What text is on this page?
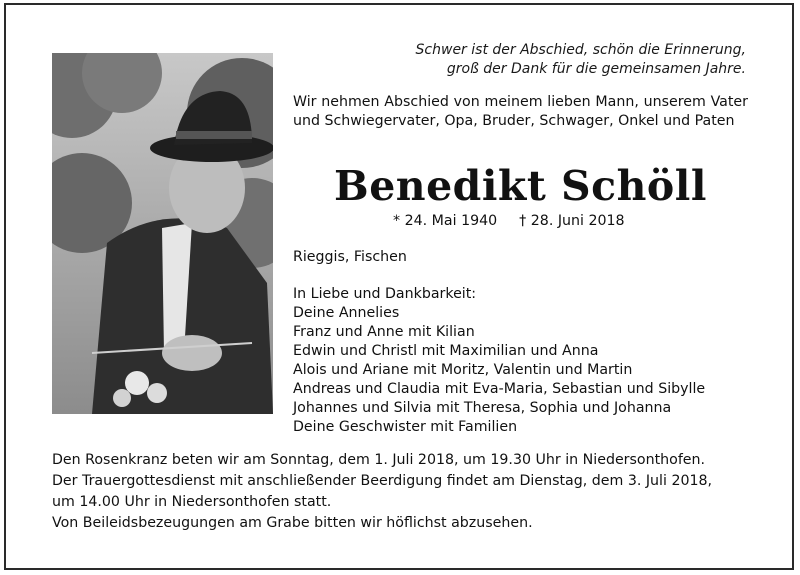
Schwer ist der Abschied, schön die Erinnerung,
groß der Dank für die gemeinsamen Jahre.
Wir nehmen Abschied von meinem lieben Mann, unserem Vater und Schwiegervater, Opa, Bruder, Schwager, Onkel und Paten
Benedikt Schöll
* 24. Mai 1940 † 28. Juni 2018
Rieggis, Fischen
In Liebe und Dankbarkeit:
Deine Annelies
Franz und Anne mit Kilian
Edwin und Christl mit Maximilian und Anna
Alois und Ariane mit Moritz, Valentin und Martin
Andreas und Claudia mit Eva-Maria, Sebastian und Sibylle
Johannes und Silvia mit Theresa, Sophia und Johanna
Deine Geschwister mit Familien
Den Rosenkranz beten wir am Sonntag, dem 1. Juli 2018, um 19.30 Uhr in Niedersonthofen.
Der Trauergottesdienst mit anschließender Beerdigung findet am Dienstag, dem 3. Juli 2018,
um 14.00 Uhr in Niedersonthofen statt.
Von Beileidsbezeugungen am Grabe bitten wir höflichst abzusehen.
